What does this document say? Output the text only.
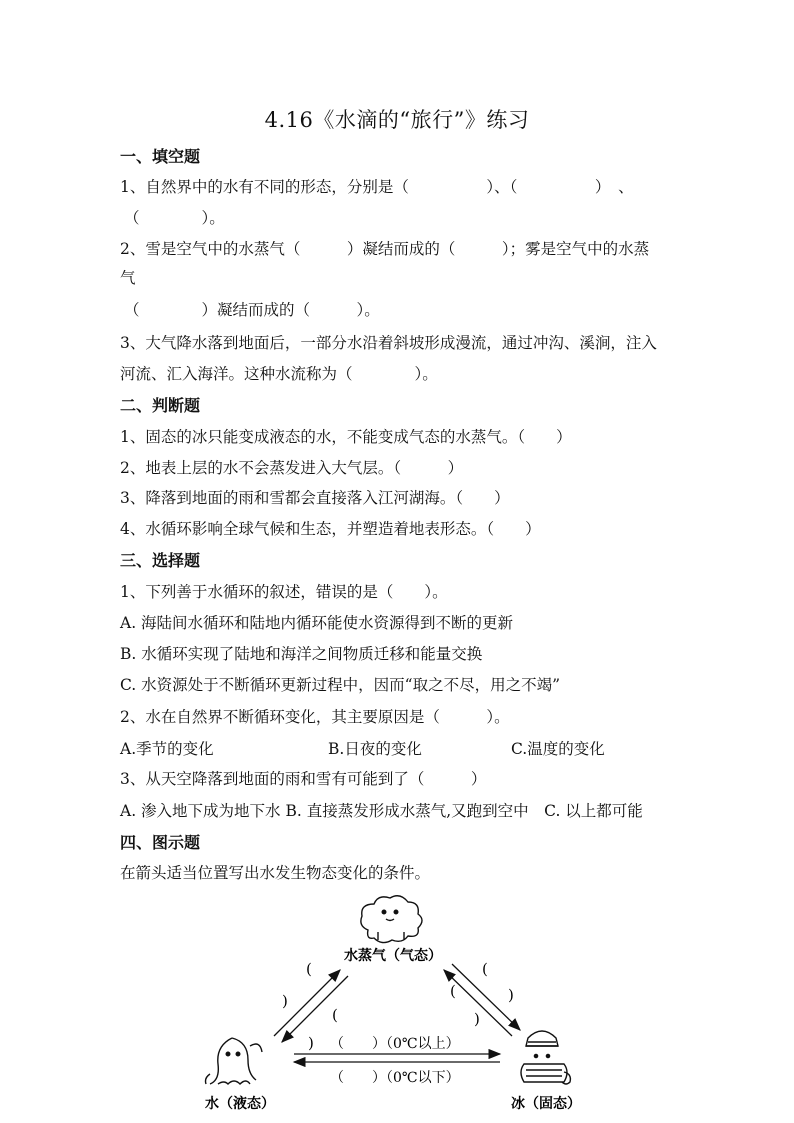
4.16《水滴的“旅行”》练习
一、填空题
1、自然界中的水有不同的形态，分别是（　　　　　）、（　　　　　）　、
（　　　　）。
2、雪是空气中的水蒸气（　　　）凝结而成的（　　　）；雾是空气中的水蒸
气
（　　　　）凝结而成的（　　　）。
3、大气降水落到地面后，一部分水沿着斜坡形成漫流，通过冲沟、溪涧，注入
河流、汇入海洋。这种水流称为（　　　　）。
二、判断题
1、固态的冰只能变成液态的水，不能变成气态的水蒸气。（　　）
2、地表上层的水不会蒸发进入大气层。（　　　）
3、降落到地面的雨和雪都会直接落入江河湖海。（　　）
4、水循环影响全球气候和生态，并塑造着地表形态。（　　）
三、选择题
1、下列善于水循环的叙述，错误的是（　　）。
A. 海陆间水循环和陆地内循环能使水资源得到不断的更新
B. 水循环实现了陆地和海洋之间物质迁移和能量交换
C. 水资源处于不断循环更新过程中，因而“取之不尽，用之不竭”
2、水在自然界不断循环变化，其主要原因是（　　　）。
A.季节的变化	B.日夜的变化	C.温度的变化
3、从天空降落到地面的雨和雪有可能到了（　　　）
A. 渗入地下成为地下水 B. 直接蒸发形成水蒸气,又跑到空中　C. 以上都可能
四、图示题
在箭头适当位置写出水发生物态变化的条件。
水蒸气（气态）
(
)
(
)
(
)
(
)
（　　）（0℃以上）
（　　）（0℃以下）
水（液态）	冰（固态）
